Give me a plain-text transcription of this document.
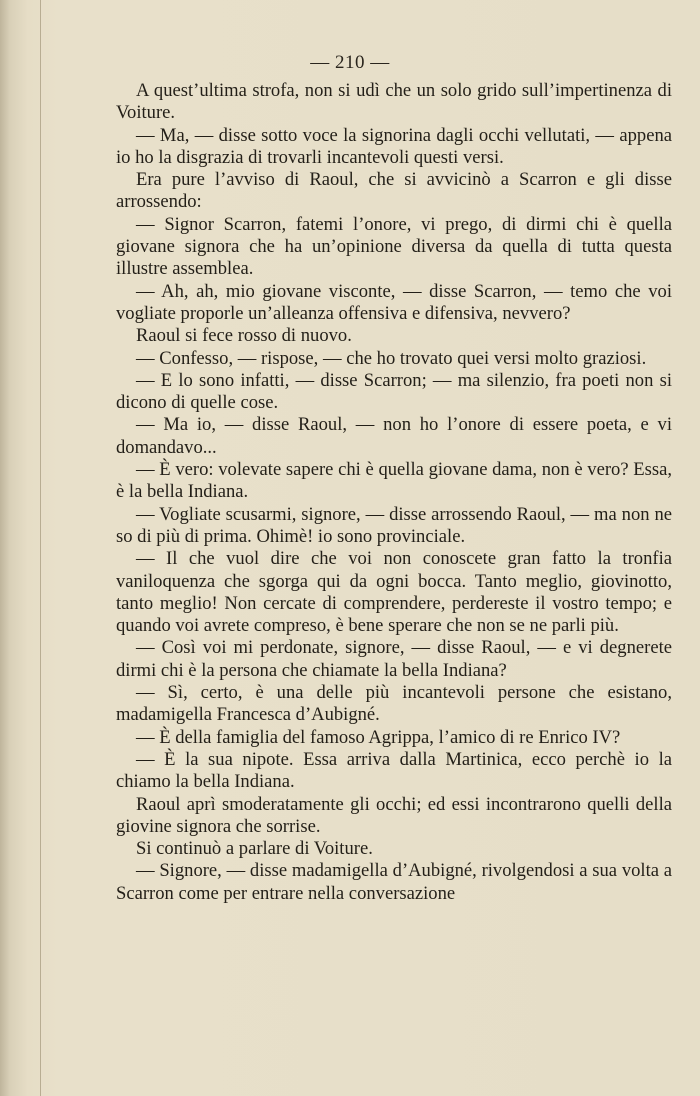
— 210 —

A quest’ultima strofa, non si udì che un solo grido sull’impertinenza di Voiture.

— Ma, — disse sotto voce la signorina dagli occhi vellutati, — appena io ho la disgrazia di trovarli incantevoli questi versi.

Era pure l’avviso di Raoul, che si avvicinò a Scarron e gli disse arrossendo:

— Signor Scarron, fatemi l’onore, vi prego, di dirmi chi è quella giovane signora che ha un’opinione diversa da quella di tutta questa illustre assemblea.

— Ah, ah, mio giovane visconte, — disse Scarron, — temo che voi vogliate proporle un’alleanza offensiva e difensiva, nevvero?

Raoul si fece rosso di nuovo.

— Confesso, — rispose, — che ho trovato quei versi molto graziosi.

— E lo sono infatti, — disse Scarron; — ma silenzio, fra poeti non si dicono di quelle cose.

— Ma io, — disse Raoul, — non ho l’onore di essere poeta, e vi domandavo...

— È vero: volevate sapere chi è quella giovane dama, non è vero? Essa, è la bella Indiana.

— Vogliate scusarmi, signore, — disse arrossendo Raoul, — ma non ne so di più di prima. Ohimè! io sono provinciale.

— Il che vuol dire che voi non conoscete gran fatto la tronfia vaniloquenza che sgorga qui da ogni bocca. Tanto meglio, giovinotto, tanto meglio! Non cercate di comprendere, perdereste il vostro tempo; e quando voi avrete compreso, è bene sperare che non se ne parli più.

— Così voi mi perdonate, signore, — disse Raoul, — e vi degnerete dirmi chi è la persona che chiamate la bella Indiana?

— Sì, certo, è una delle più incantevoli persone che esistano, madamigella Francesca d’Aubigné.

— È della famiglia del famoso Agrippa, l’amico di re Enrico IV?

— È la sua nipote. Essa arriva dalla Martinica, ecco perchè io la chiamo la bella Indiana.

Raoul aprì smoderatamente gli occhi; ed essi incontrarono quelli della giovine signora che sorrise.

Si continuò a parlare di Voiture.

— Signore, — disse madamigella d’Aubigné, rivolgendosi a sua volta a Scarron come per entrare nella conversazione
